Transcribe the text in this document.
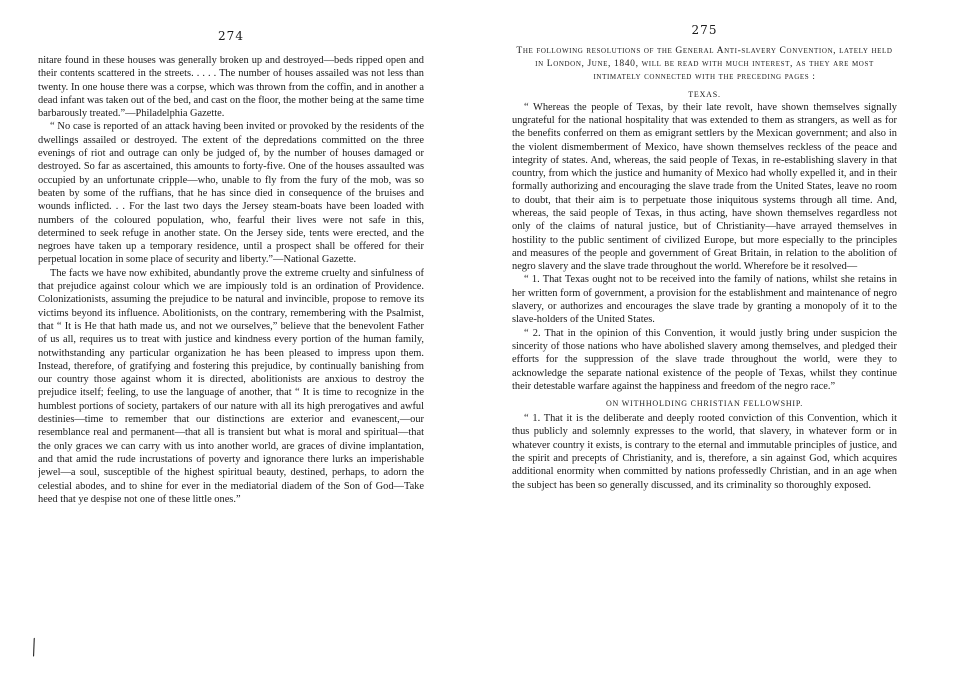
274

nitare found in these houses was generally broken up and destroyed—beds ripped open and their contents scattered in the streets. . . . . The number of houses assailed was not less than twenty. In one house there was a corpse, which was thrown from the coffin, and in another a dead infant was taken out of the bed, and cast on the floor, the mother being at the same time barbarously treated.”—Philadelphia Gazette.

“ No case is reported of an attack having been invited or provoked by the residents of the dwellings assailed or destroyed. The extent of the depredations committed on the three evenings of riot and outrage can only be judged of, by the number of houses damaged or destroyed. So far as ascertained, this amounts to forty-five. One of the houses assaulted was occupied by an unfortunate cripple—who, unable to fly from the fury of the mob, was so beaten by some of the ruffians, that he has since died in consequence of the bruises and wounds inflicted. . . For the last two days the Jersey steam-boats have been loaded with numbers of the coloured population, who, fearful their lives were not safe in this, determined to seek refuge in another state. On the Jersey side, tents were erected, and the negroes have taken up a temporary residence, until a prospect shall be offered for their perpetual location in some place of security and liberty.”—National Gazette.

The facts we have now exhibited, abundantly prove the extreme cruelty and sinfulness of that prejudice against colour which we are impiously told is an ordination of Providence. Colonizationists, assuming the prejudice to be natural and invincible, propose to remove its victims beyond its influence. Abolitionists, on the contrary, remembering with the Psalmist, that “ It is He that hath made us, and not we ourselves,” believe that the benevolent Father of us all, requires us to treat with justice and kindness every portion of the human family, notwithstanding any particular organization he has been pleased to impress upon them. Instead, therefore, of gratifying and fostering this prejudice, by continually banishing from our country those against whom it is directed, abolitionists are anxious to destroy the prejudice itself; feeling, to use the language of another, that “ It is time to recognize in the humblest portions of society, partakers of our nature with all its high prerogatives and awful destinies—time to remember that our distinctions are exterior and evanescent,—our resemblance real and permanent—that all is transient but what is moral and spiritual—that the only graces we can carry with us into another world, are graces of divine implantation, and that amid the rude incrustations of poverty and ignorance there lurks an imperishable jewel—a soul, susceptible of the highest spiritual beauty, destined, perhaps, to adorn the celestial abodes, and to shine for ever in the mediatorial diadem of the Son of God—Take heed that ye despise not one of these little ones.”

275
The following resolutions of the General Anti-slavery Convention, lately held in London, June, 1840, will be read with much interest, as they are most intimately connected with the preceding pages :
TEXAS.

“ Whereas the people of Texas, by their late revolt, have shown themselves signally ungrateful for the national hospitality that was extended to them as strangers, as well as for the benefits conferred on them as emigrant settlers by the Mexican government; and also in the violent dismemberment of Mexico, have shown themselves reckless of the peace and integrity of states. And, whereas, the said people of Texas, in re-establishing slavery in that country, from which the justice and humanity of Mexico had wholly expelled it, and in their formally authorizing and encouraging the slave trade from the United States, leave no room to doubt, that their aim is to perpetuate those iniquitous systems through all time. And, whereas, the said people of Texas, in thus acting, have shown themselves regardless not only of the claims of natural justice, but of Christianity—have arrayed themselves in hostility to the public sentiment of civilized Europe, but more especially to the principles and measures of the people and government of Great Britain, in relation to the abolition of negro slavery and the slave trade throughout the world. Wherefore be it resolved—

“ 1. That Texas ought not to be received into the family of nations, whilst she retains in her written form of government, a provision for the establishment and maintenance of negro slavery, or authorizes and encourages the slave trade by granting a monopoly of it to the slave-holders of the United States.

“ 2. That in the opinion of this Convention, it would justly bring under suspicion the sincerity of those nations who have abolished slavery among themselves, and pledged their efforts for the suppression of the slave trade throughout the world, were they to acknowledge the separate national existence of the people of Texas, whilst they continue their detestable warfare against the happiness and freedom of the negro race.”

ON WITHHOLDING CHRISTIAN FELLOWSHIP.

“ 1. That it is the deliberate and deeply rooted conviction of this Convention, which it thus publicly and solemnly expresses to the world, that slavery, in whatever form or in whatever country it exists, is contrary to the eternal and immutable principles of justice, and the spirit and precepts of Christianity, and is, therefore, a sin against God, which acquires additional enormity when committed by nations professedly Christian, and in an age when the subject has been so generally discussed, and its criminality so thoroughly exposed.

╱
